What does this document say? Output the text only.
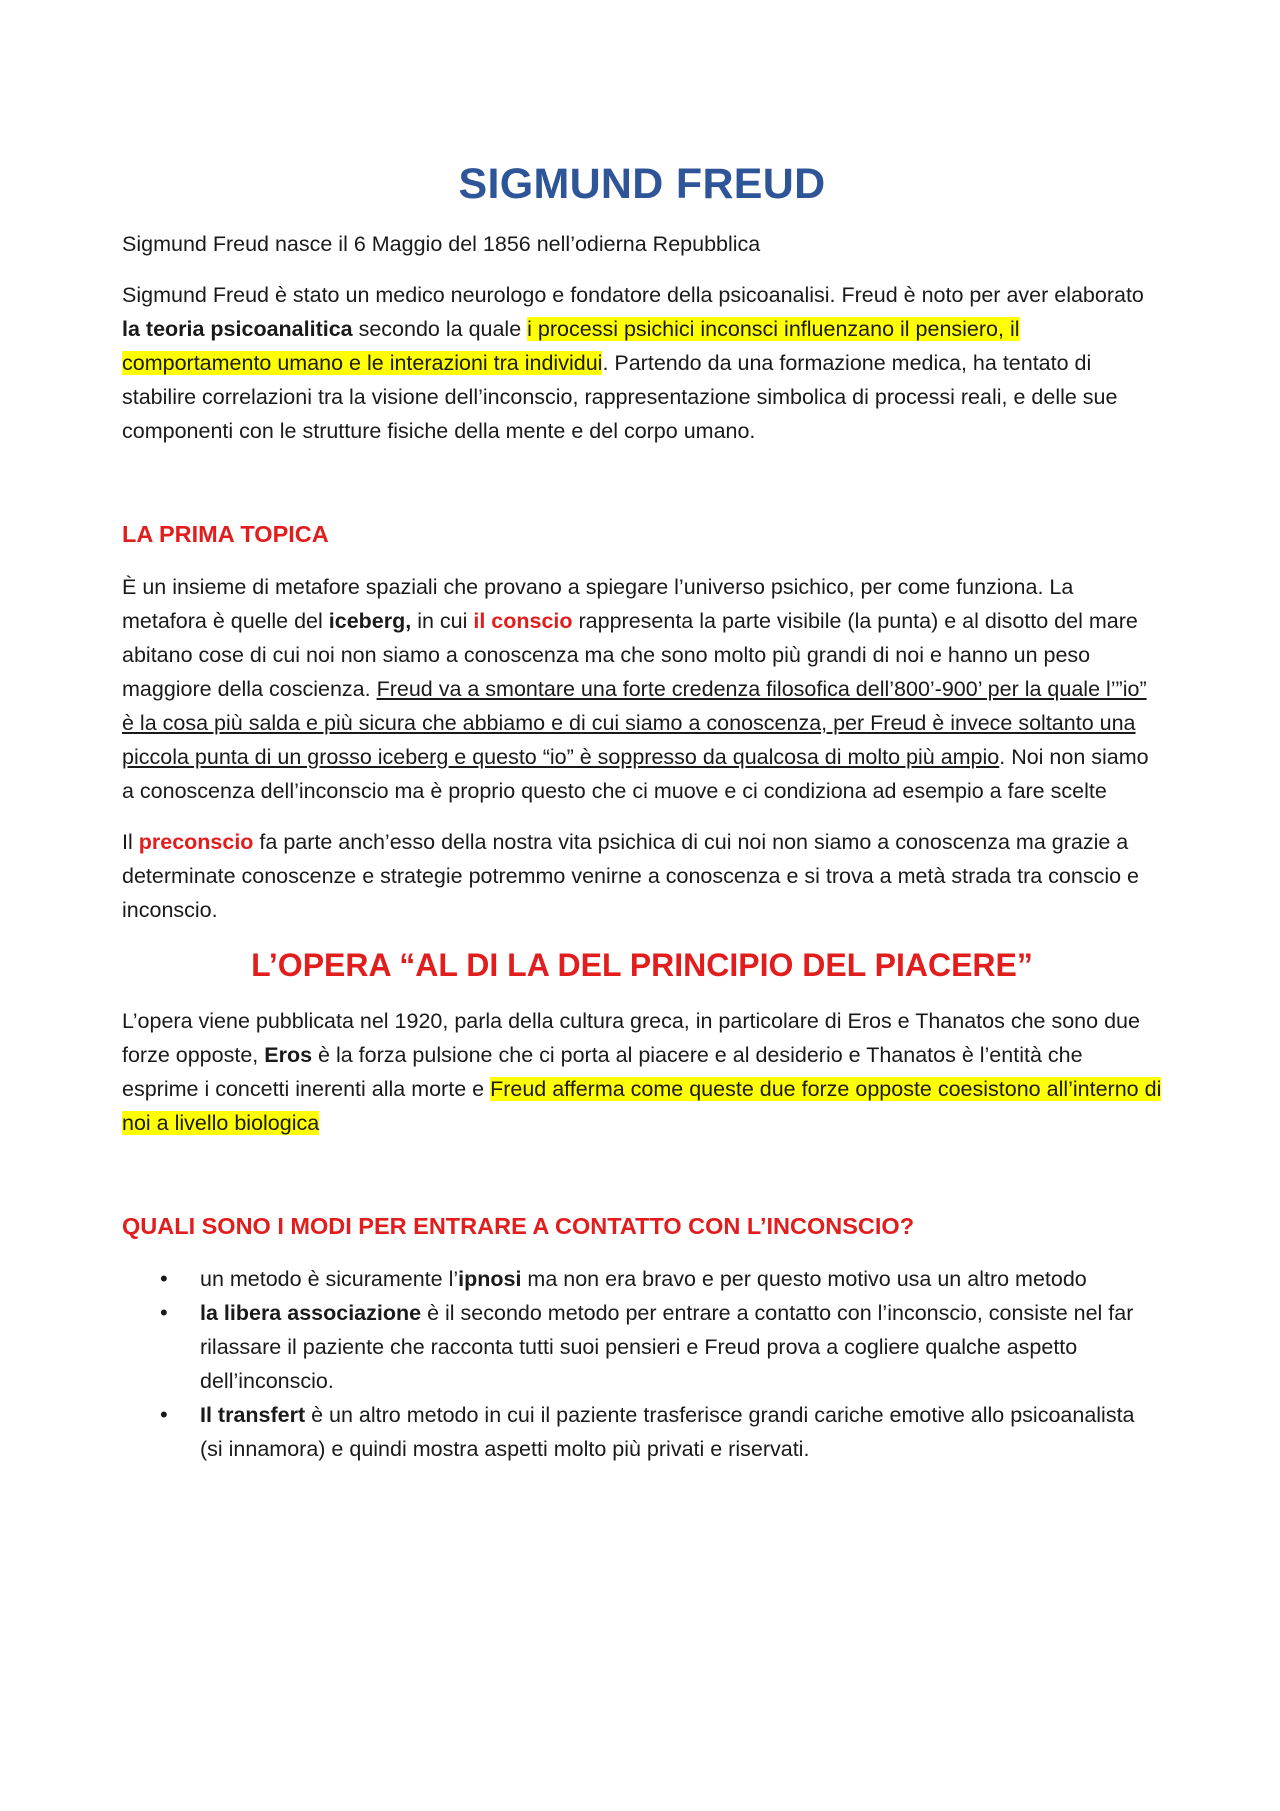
SIGMUND FREUD

Sigmund Freud nasce il 6 Maggio del 1856 nell’odierna Repubblica

Sigmund Freud è stato un medico neurologo e fondatore della psicoanalisi. Freud è noto per aver elaborato la teoria psicoanalitica secondo la quale i processi psichici inconsci influenzano il pensiero, il comportamento umano e le interazioni tra individui. Partendo da una formazione medica, ha tentato di stabilire correlazioni tra la visione dell’inconscio, rappresentazione simbolica di processi reali, e delle sue componenti con le strutture fisiche della mente e del corpo umano.

LA PRIMA TOPICA

È un insieme di metafore spaziali che provano a spiegare l’universo psichico, per come funziona. La metafora è quelle del iceberg, in cui il conscio rappresenta la parte visibile (la punta) e al disotto del mare abitano cose di cui noi non siamo a conoscenza ma che sono molto più grandi di noi e hanno un peso maggiore della coscienza. Freud va a smontare una forte credenza filosofica dell’800’-900’ per la quale l’”io” è la cosa più salda e più sicura che abbiamo e di cui siamo a conoscenza, per Freud è invece soltanto una piccola punta di un grosso iceberg e questo “io” è soppresso da qualcosa di molto più ampio. Noi non siamo a conoscenza dell’inconscio ma è proprio questo che ci muove e ci condiziona ad esempio a fare scelte

Il preconscio fa parte anch’esso della nostra vita psichica di cui noi non siamo a conoscenza ma grazie a determinate conoscenze e strategie potremmo venirne a conoscenza e si trova a metà strada tra conscio e inconscio.

L’OPERA “AL DI LA DEL PRINCIPIO DEL PIACERE”

L’opera viene pubblicata nel 1920, parla della cultura greca, in particolare di Eros e Thanatos che sono due forze opposte, Eros è la forza pulsione che ci porta al piacere e al desiderio e Thanatos è l’entità che esprime i concetti inerenti alla morte e Freud afferma come queste due forze opposte coesistono all’interno di noi a livello biologica

QUALI SONO I MODI PER ENTRARE A CONTATTO CON L’INCONSCIO?
• un metodo è sicuramente l’ipnosi ma non era bravo e per questo motivo usa un altro metodo
• la libera associazione è il secondo metodo per entrare a contatto con l’inconscio, consiste nel far rilassare il paziente che racconta tutti suoi pensieri e Freud prova a cogliere qualche aspetto dell’inconscio.
• Il transfert è un altro metodo in cui il paziente trasferisce grandi cariche emotive allo psicoanalista (si innamora) e quindi mostra aspetti molto più privati e riservati.
